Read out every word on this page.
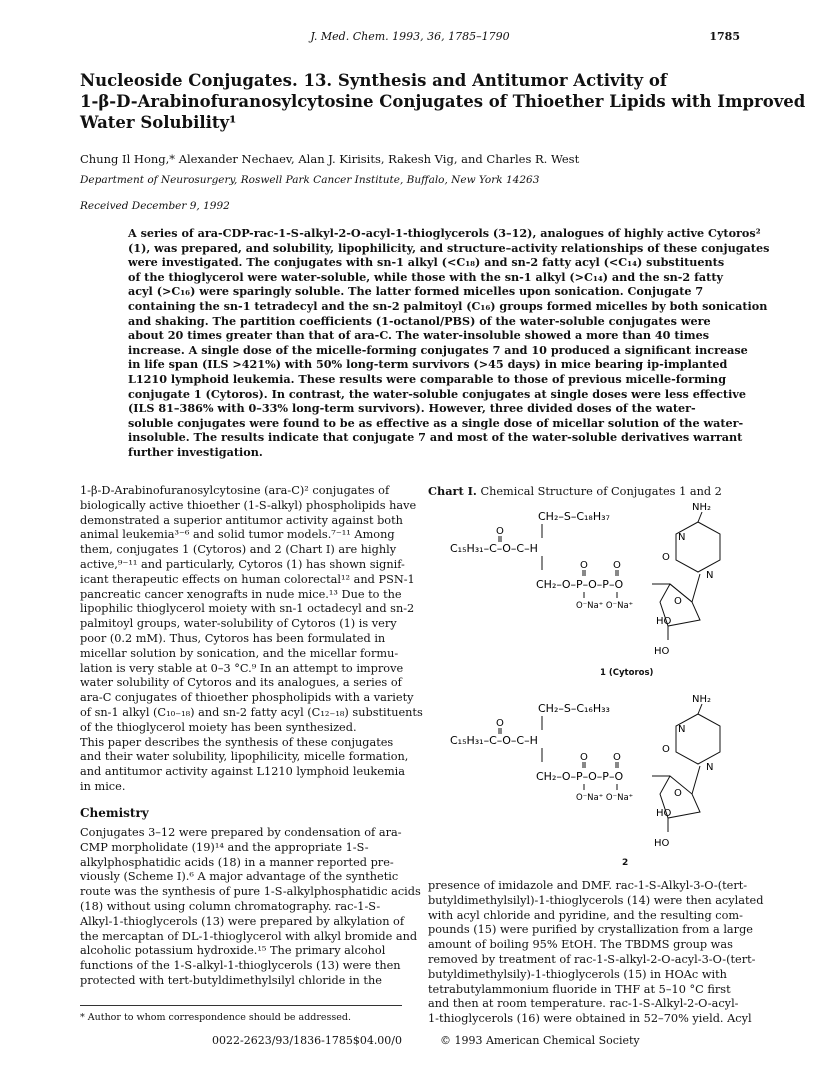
J. Med. Chem. 1993, 36, 1785–1790	1785
Nucleoside Conjugates. 13. Synthesis and Antitumor Activity of
1-β-D-Arabinofuranosylcytosine Conjugates of Thioether Lipids with Improved
Water Solubility¹
Chung Il Hong,* Alexander Nechaev, Alan J. Kirisits, Rakesh Vig, and Charles R. West
Department of Neurosurgery, Roswell Park Cancer Institute, Buffalo, New York 14263
Received December 9, 1992
A series of ara-CDP-rac-1-S-alkyl-2-O-acyl-1-thioglycerols (3–12), analogues of highly active Cytoros²
(1), was prepared, and solubility, lipophilicity, and structure–activity relationships of these conjugates
were investigated. The conjugates with sn-1 alkyl (<C₁₈) and sn-2 fatty acyl (<C₁₄) substituents
of the thioglycerol were water-soluble, while those with the sn-1 alkyl (>C₁₄) and the sn-2 fatty
acyl (>C₁₆) were sparingly soluble. The latter formed micelles upon sonication. Conjugate 7
containing the sn-1 tetradecyl and the sn-2 palmitoyl (C₁₆) groups formed micelles by both sonication
and shaking. The partition coefficients (1-octanol/PBS) of the water-soluble conjugates were
about 20 times greater than that of ara-C. The water-insoluble showed a more than 40 times
increase. A single dose of the micelle-forming conjugates 7 and 10 produced a significant increase
in life span (ILS >421%) with 50% long-term survivors (>45 days) in mice bearing ip-implanted
L1210 lymphoid leukemia. These results were comparable to those of previous micelle-forming
conjugate 1 (Cytoros). In contrast, the water-soluble conjugates at single doses were less effective
(ILS 81–386% with 0–33% long-term survivors). However, three divided doses of the water-
soluble conjugates were found to be as effective as a single dose of micellar solution of the water-
insoluble. The results indicate that conjugate 7 and most of the water-soluble derivatives warrant
further investigation.
1-β-D-Arabinofuranosylcytosine (ara-C)² conjugates of
biologically active thioether (1-S-alkyl) phospholipids have
demonstrated a superior antitumor activity against both
animal leukemia³⁻⁶ and solid tumor models.⁷⁻¹¹ Among
them, conjugates 1 (Cytoros) and 2 (Chart I) are highly
active,⁹⁻¹¹ and particularly, Cytoros (1) has shown signif-
icant therapeutic effects on human colorectal¹² and PSN-1
pancreatic cancer xenografts in nude mice.¹³ Due to the
lipophilic thioglycerol moiety with sn-1 octadecyl and sn-2
palmitoyl groups, water-solubility of Cytoros (1) is very
poor (0.2 mM). Thus, Cytoros has been formulated in
micellar solution by sonication, and the micellar formu-
lation is very stable at 0–3 °C.⁹ In an attempt to improve
water solubility of Cytoros and its analogues, a series of
ara-C conjugates of thioether phospholipids with a variety
of sn-1 alkyl (C₁₀₋₁₈) and sn-2 fatty acyl (C₁₂₋₁₈) substituents
of the thioglycerol moiety has been synthesized.
This paper describes the synthesis of these conjugates
and their water solubility, lipophilicity, micelle formation,
and antitumor activity against L1210 lymphoid leukemia
in mice.
Chemistry
Conjugates 3–12 were prepared by condensation of ara-
CMP morpholidate (19)¹⁴ and the appropriate 1-S-
alkylphosphatidic acids (18) in a manner reported pre-
viously (Scheme I).⁶ A major advantage of the synthetic
route was the synthesis of pure 1-S-alkylphosphatidic acids
(18) without using column chromatography. rac-1-S-
Alkyl-1-thioglycerols (13) were prepared by alkylation of
the mercaptan of DL-1-thioglycerol with alkyl bromide and
alcoholic potassium hydroxide.¹⁵ The primary alcohol
functions of the 1-S-alkyl-1-thioglycerols (13) were then
protected with tert-butyldimethylsilyl chloride in the
Chart I. Chemical Structure of Conjugates 1 and 2
CH₂–S–C₁₈H₃₇
O
C₁₅H₃₁–C–O–C–H
O	O
CH₂–O–P–O–P–O
O⁻Na⁺ O⁻Na⁺	O
HO
HO
NH₂
N
O
N
1 (Cytoros)
CH₂–S–C₁₆H₃₃
O
C₁₅H₃₁–C–O–C–H
O	O
CH₂–O–P–O–P–O
O⁻Na⁺ O⁻Na⁺	O
HO
HO
NH₂
N
O
N
2
presence of imidazole and DMF. rac-1-S-Alkyl-3-O-(tert-
butyldimethylsilyl)-1-thioglycerols (14) were then acylated
with acyl chloride and pyridine, and the resulting com-
pounds (15) were purified by crystallization from a large
amount of boiling 95% EtOH. The TBDMS group was
removed by treatment of rac-1-S-alkyl-2-O-acyl-3-O-(tert-
butyldimethylsily)-1-thioglycerols (15) in HOAc with
tetrabutylammonium fluoride in THF at 5–10 °C first
and then at room temperature. rac-1-S-Alkyl-2-O-acyl-
1-thioglycerols (16) were obtained in 52–70% yield. Acyl
* Author to whom correspondence should be addressed.
0022-2623/93/1836-1785$04.00/0	© 1993 American Chemical Society
